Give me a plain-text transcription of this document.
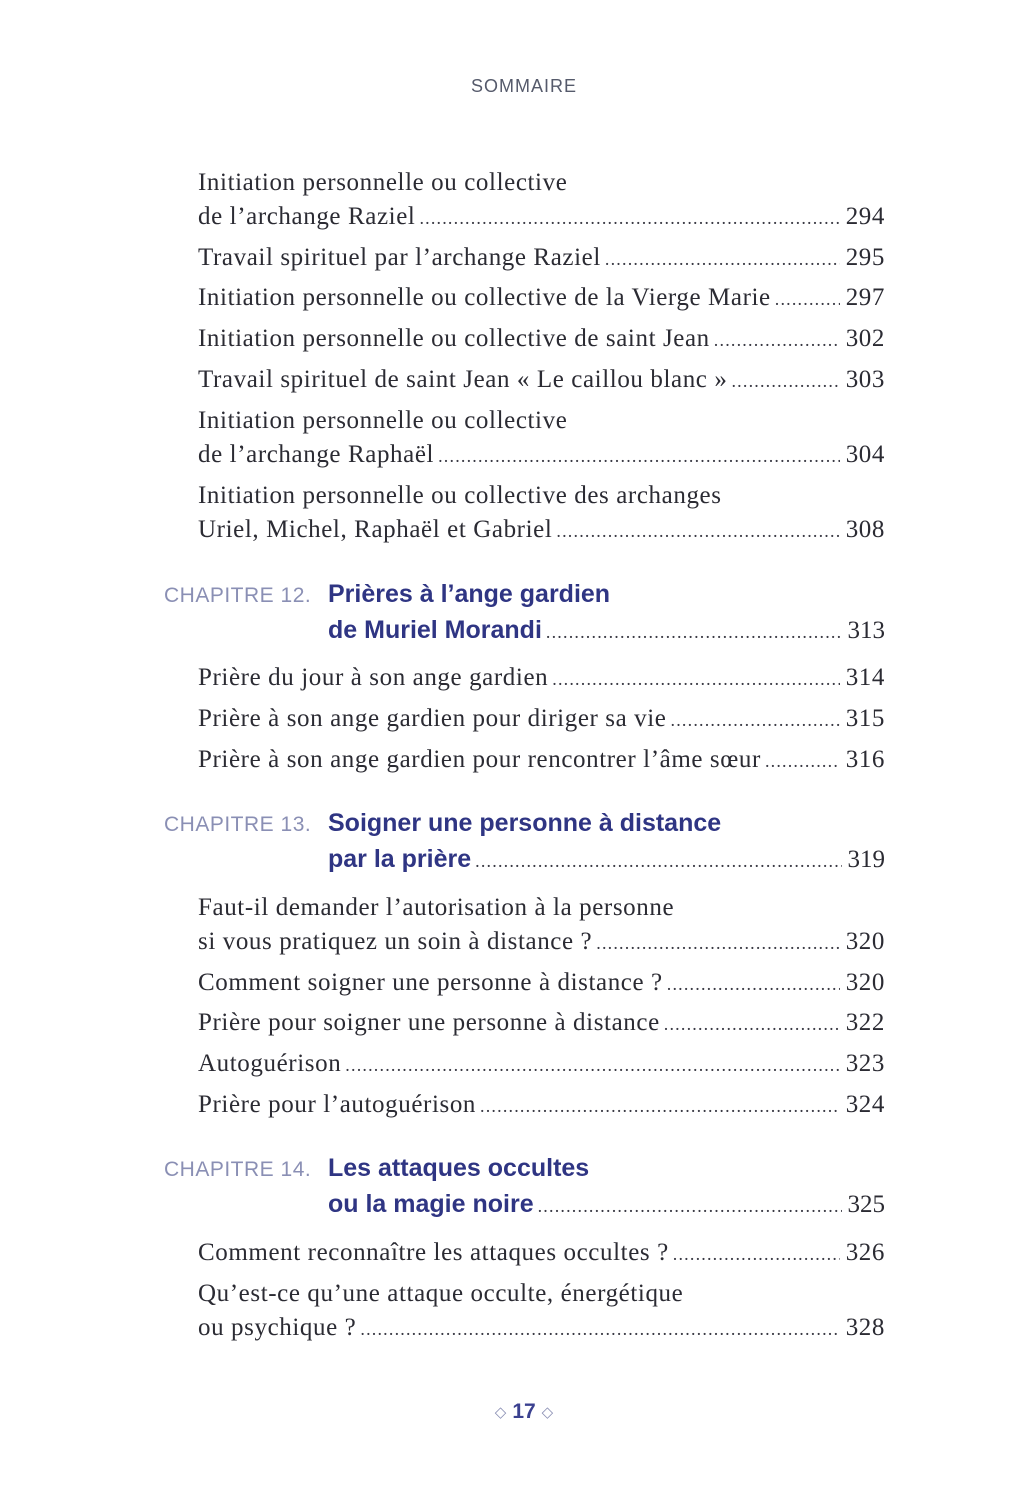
SOMMAIRE
Initiation personnelle ou collective
de l’archange Raziel .....	294
Travail spirituel par l’archange Raziel .....	295
Initiation personnelle ou collective de la Vierge Marie .....	297
Initiation personnelle ou collective de saint Jean .....	302
Travail spirituel de saint Jean « Le caillou blanc » .....	303
Initiation personnelle ou collective
de l’archange Raphaël .....	304
Initiation personnelle ou collective des archanges
Uriel, Michel, Raphaël et Gabriel .....	308
CHAPITRE 12. Prières à l’ange gardien
de Muriel Morandi .....	313
Prière du jour à son ange gardien .....	314
Prière à son ange gardien pour diriger sa vie .....	315
Prière à son ange gardien pour rencontrer l’âme sœur .....	316
CHAPITRE 13. Soigner une personne à distance
par la prière .....	319
Faut-il demander l’autorisation à la personne
si vous pratiquez un soin à distance ? .....	320
Comment soigner une personne à distance ? .....	320
Prière pour soigner une personne à distance .....	322
Autoguérison .....	323
Prière pour l’autoguérison .....	324
CHAPITRE 14. Les attaques occultes
ou la magie noire .....	325
Comment reconnaître les attaques occultes ? .....	326
Qu’est-ce qu’une attaque occulte, énergétique
ou psychique ? .....	328
◇ 17 ◇
